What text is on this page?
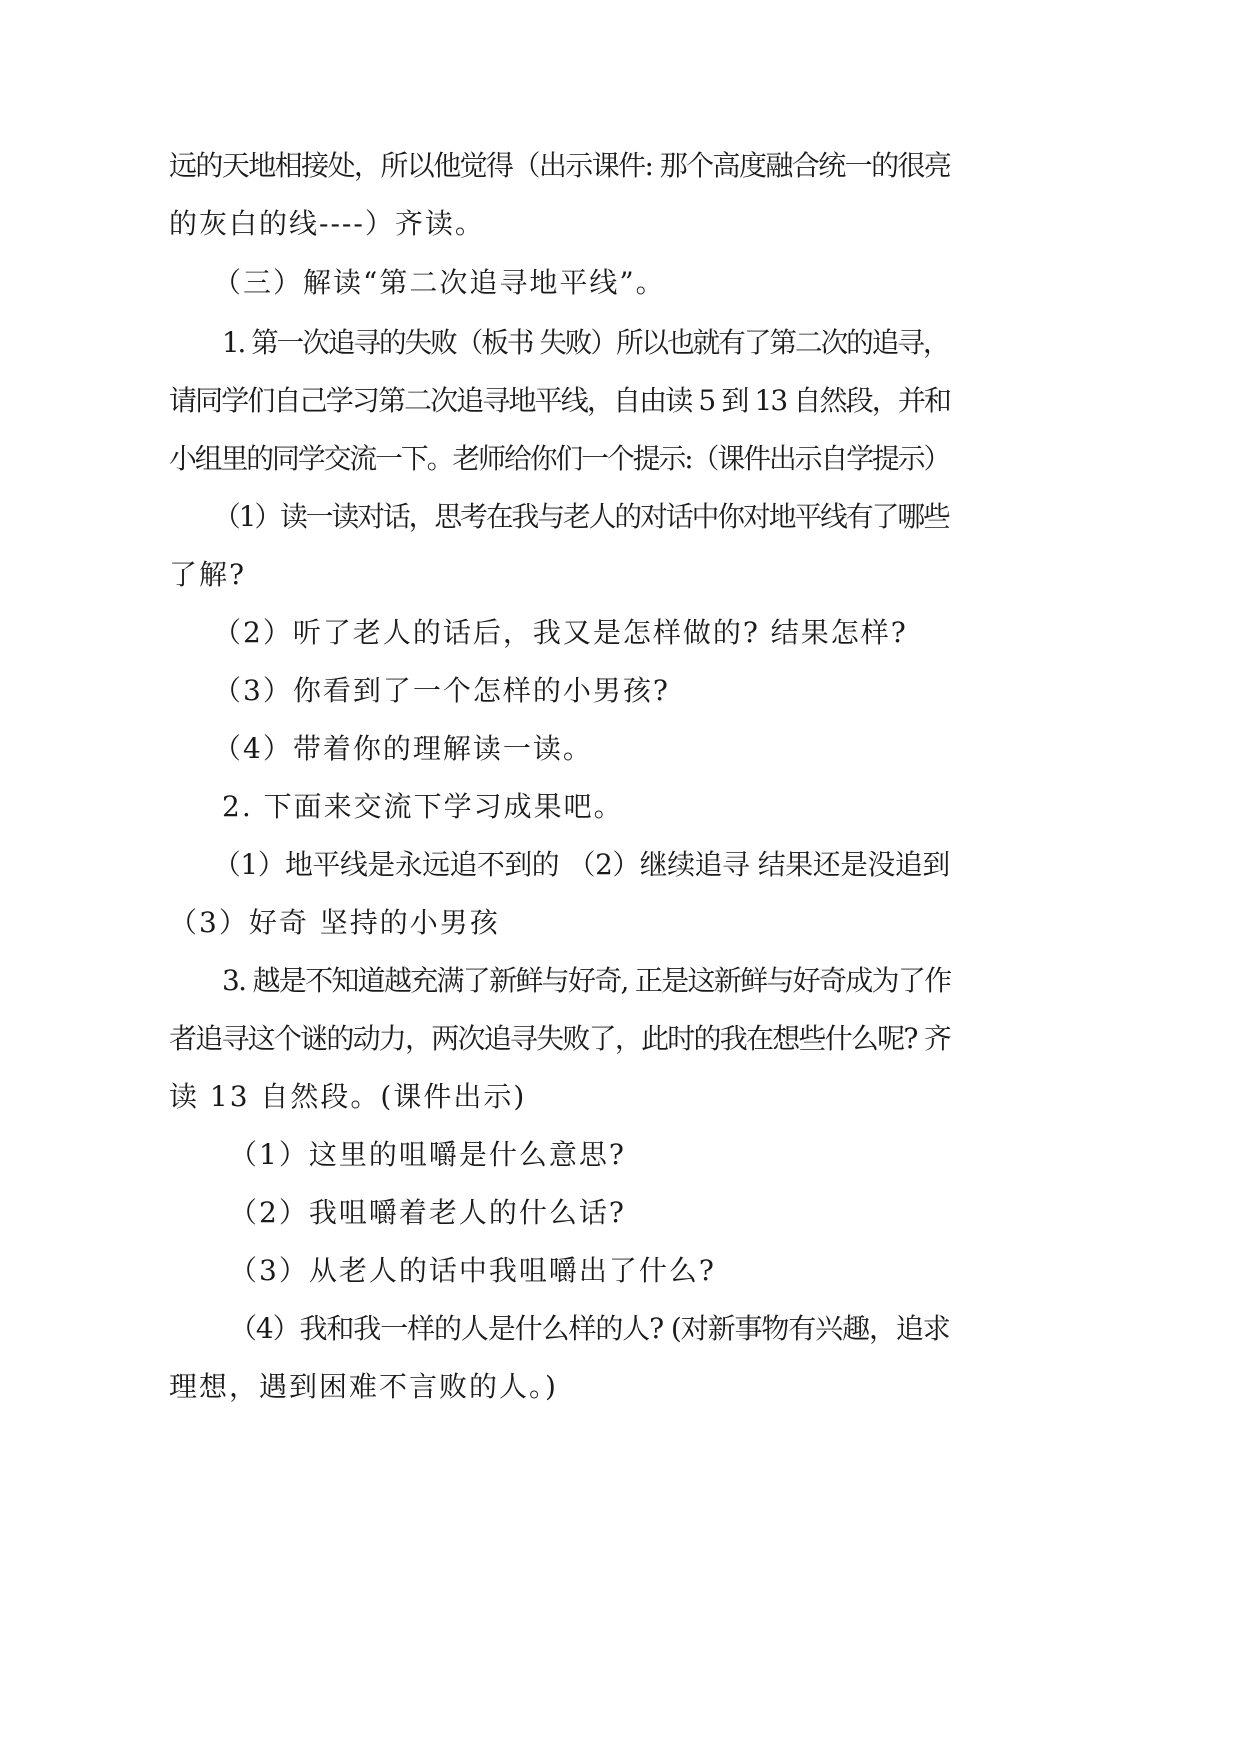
远的天地相接处，所以他觉得（出示课件: 那个高度融合统一的很亮

的灰白的线----）齐读。

（三）解读“第二次追寻地平线”。

1. 第一次追寻的失败（板书 失败）所以也就有了第二次的追寻，

请同学们自己学习第二次追寻地平线，自由读 5 到 13 自然段，并和

小组里的同学交流一下。老师给你们一个提示:（课件出示自学提示）

（1）读一读对话，思考在我与老人的对话中你对地平线有了哪些

了解?

（2）听了老人的话后，我又是怎样做的? 结果怎样?

（3）你看到了一个怎样的小男孩?

（4）带着你的理解读一读。

2. 下面来交流下学习成果吧。

（1）地平线是永远追不到的 （2）继续追寻 结果还是没追到

（3）好奇 坚持的小男孩

3. 越是不知道越充满了新鲜与好奇, 正是这新鲜与好奇成为了作

者追寻这个谜的动力，两次追寻失败了，此时的我在想些什么呢? 齐

读 13 自然段。(课件出示)

（1）这里的咀嚼是什么意思?

（2）我咀嚼着老人的什么话?

（3）从老人的话中我咀嚼出了什么?

（4）我和我一样的人是什么样的人? (对新事物有兴趣，追求

理想，遇到困难不言败的人。)
